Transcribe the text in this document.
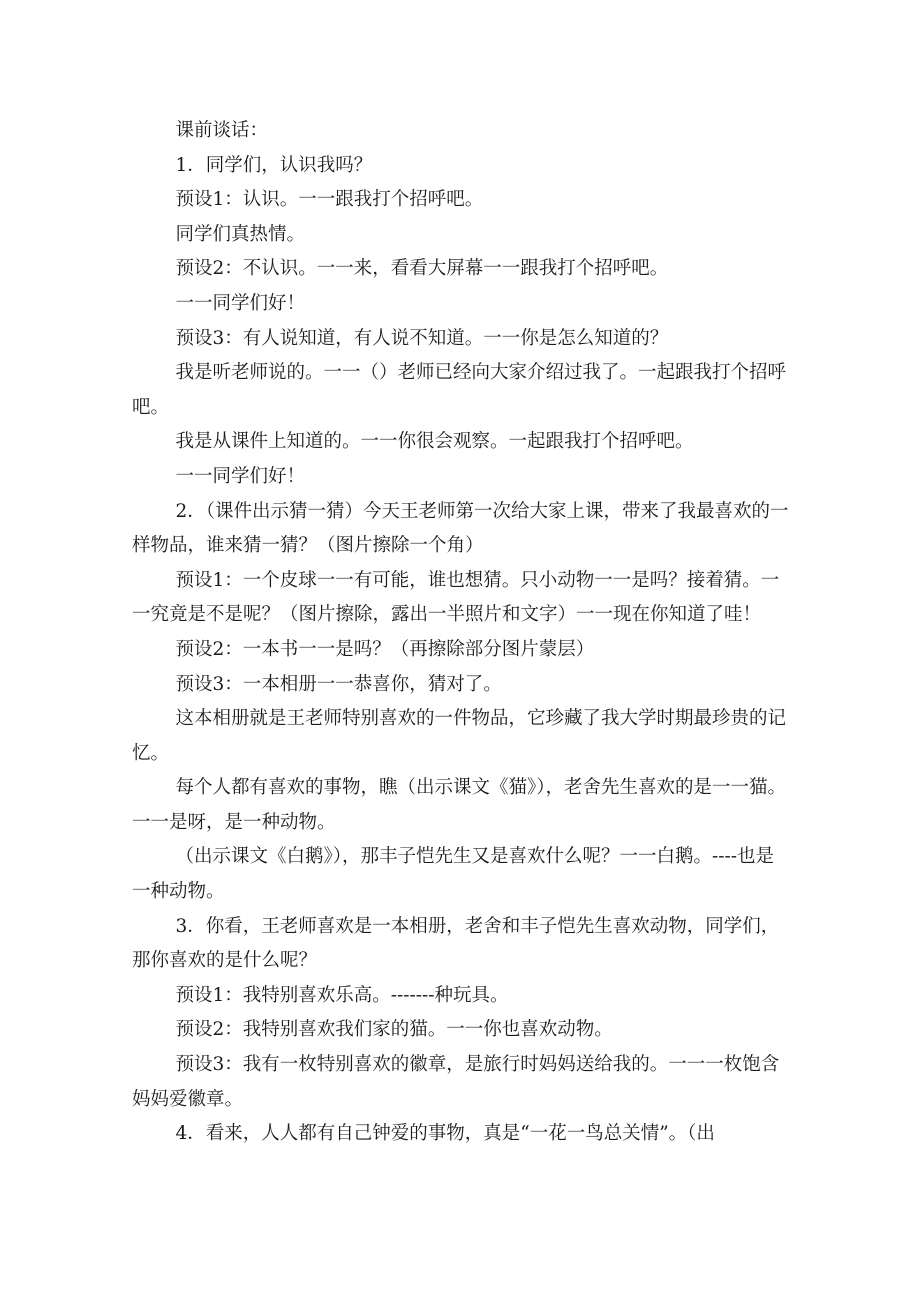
课前谈话：

1．同学们，认识我吗？

预设1：认识。一一跟我打个招呼吧。

同学们真热情。

预设2：不认识。一一来，看看大屏幕一一跟我打个招呼吧。

一一同学们好！

预设3：有人说知道，有人说不知道。一一你是怎么知道的？

我是听老师说的。一一（）老师已经向大家介绍过我了。一起跟我打个招呼吧。

我是从课件上知道的。一一你很会观察。一起跟我打个招呼吧。

一一同学们好！

2．（课件出示猜一猜）今天王老师第一次给大家上课，带来了我最喜欢的一样物品，谁来猜一猜？（图片擦除一个角）

预设1：一个皮球一一有可能，谁也想猜。只小动物一一是吗？接着猜。一一究竟是不是呢？（图片擦除，露出一半照片和文字）一一现在你知道了哇！

预设2：一本书一一是吗？（再擦除部分图片蒙层）

预设3：一本相册一一恭喜你，猜对了。

这本相册就是王老师特别喜欢的一件物品，它珍藏了我大学时期最珍贵的记忆。

每个人都有喜欢的事物，瞧（出示课文《猫》），老舍先生喜欢的是一一猫。一一是呀，是一种动物。

（出示课文《白鹅》），那丰子恺先生又是喜欢什么呢？一一白鹅。----也是一种动物。

3．你看，王老师喜欢是一本相册，老舍和丰子恺先生喜欢动物，同学们，那你喜欢的是什么呢？

预设1：我特别喜欢乐高。-------种玩具。

预设2：我特别喜欢我们家的猫。一一你也喜欢动物。

预设3：我有一枚特别喜欢的徽章，是旅行时妈妈送给我的。一一一枚饱含妈妈爱徽章。

4．看来，人人都有自己钟爱的事物，真是“一花一鸟总关情”。（出
